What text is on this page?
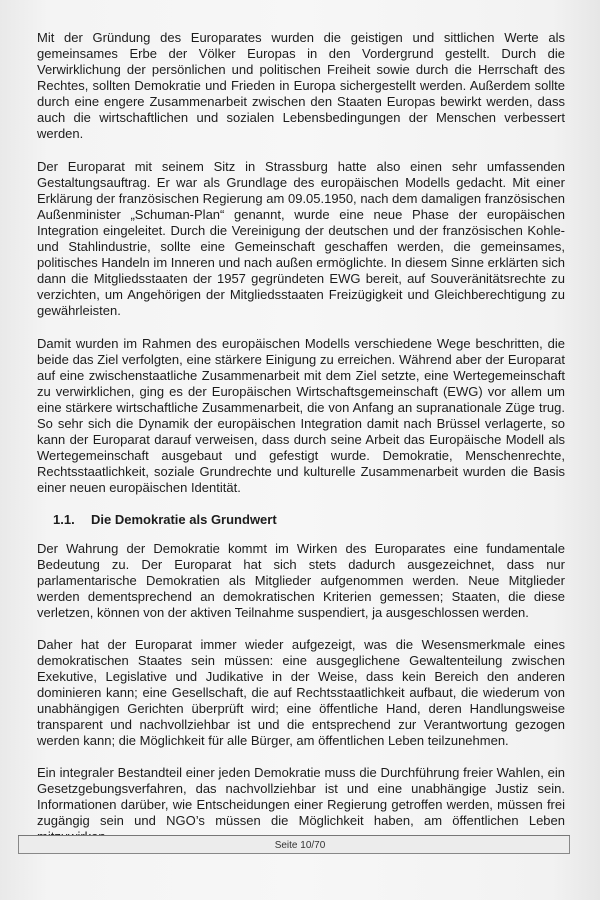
Mit der Gründung des Europarates wurden die geistigen und sittlichen Werte als gemeinsames Erbe der Völker Europas in den Vordergrund gestellt. Durch die Verwirklichung der persönlichen und politischen Freiheit sowie durch die Herrschaft des Rechtes, sollten Demokratie und Frieden in Europa sichergestellt werden. Außerdem sollte durch eine engere Zusammenarbeit zwischen den Staaten Europas bewirkt werden, dass auch die wirtschaftlichen und sozialen Lebensbedingungen der Menschen verbessert werden.

Der Europarat mit seinem Sitz in Strassburg hatte also einen sehr umfassenden Gestaltungsauftrag. Er war als Grundlage des europäischen Modells gedacht. Mit einer Erklärung der französischen Regierung am 09.05.1950, nach dem damaligen französischen Außenminister „Schuman-Plan“ genannt, wurde eine neue Phase der europäischen Integration eingeleitet. Durch die Vereinigung der deutschen und der französischen Kohle- und Stahlindustrie, sollte eine Gemeinschaft geschaffen werden, die gemeinsames, politisches Handeln im Inneren und nach außen ermöglichte. In diesem Sinne erklärten sich dann die Mitgliedsstaaten der 1957 gegründeten EWG bereit, auf Souveränitätsrechte zu verzichten, um Angehörigen der Mitgliedsstaaten Freizügigkeit und Gleichberechtigung zu gewährleisten.

Damit wurden im Rahmen des europäischen Modells verschiedene Wege beschritten, die beide das Ziel verfolgten, eine stärkere Einigung zu erreichen. Während aber der Europarat auf eine zwischenstaatliche Zusammenarbeit mit dem Ziel setzte, eine Wertegemeinschaft zu verwirklichen, ging es der Europäischen Wirtschaftsgemeinschaft (EWG) vor allem um eine stärkere wirtschaftliche Zusammenarbeit, die von Anfang an supranationale Züge trug. So sehr sich die Dynamik der europäischen Integration damit nach Brüssel verlagerte, so kann der Europarat darauf verweisen, dass durch seine Arbeit das Europäische Modell als Wertegemeinschaft ausgebaut und gefestigt wurde. Demokratie, Menschenrechte, Rechtsstaatlichkeit, soziale Grundrechte und kulturelle Zusammenarbeit wurden die Basis einer neuen europäischen Identität.

1.1.	Die Demokratie als Grundwert

Der Wahrung der Demokratie kommt im Wirken des Europarates eine fundamentale Bedeutung zu. Der Europarat hat sich stets dadurch ausgezeichnet, dass nur parlamentarische Demokratien als Mitglieder aufgenommen werden. Neue Mitglieder werden dementsprechend an demokratischen Kriterien gemessen; Staaten, die diese verletzen, können von der aktiven Teilnahme suspendiert, ja ausgeschlossen werden.

Daher hat der Europarat immer wieder aufgezeigt, was die Wesensmerkmale eines demokratischen Staates sein müssen: eine ausgeglichene Gewaltenteilung zwischen Exekutive, Legislative und Judikative in der Weise, dass kein Bereich den anderen dominieren kann; eine Gesellschaft, die auf Rechtsstaatlichkeit aufbaut, die wiederum von unabhängigen Gerichten überprüft wird; eine öffentliche Hand, deren Handlungsweise transparent und nachvollziehbar ist und die entsprechend zur Verantwortung gezogen werden kann; die Möglichkeit für alle Bürger, am öffentlichen Leben teilzunehmen.

Ein integraler Bestandteil einer jeden Demokratie muss die Durchführung freier Wahlen, ein Gesetzgebungsverfahren, das nachvollziehbar ist und eine unabhängige Justiz sein. Informationen darüber, wie Entscheidungen einer Regierung getroffen werden, müssen frei zugängig sein und NGO’s müssen die Möglichkeit haben, am öffentlichen Leben

Seite 10/70
